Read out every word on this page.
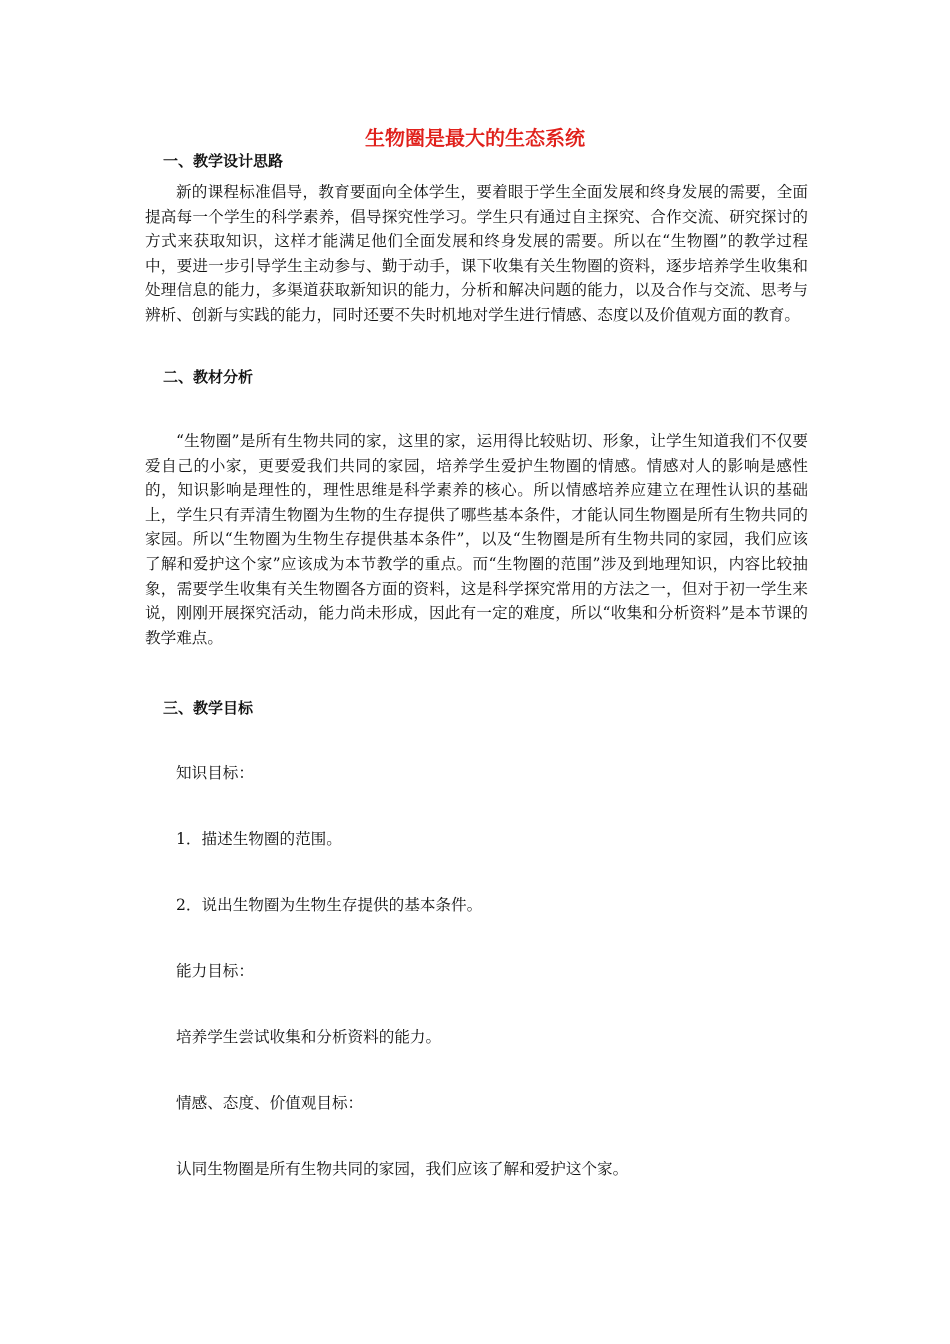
生物圈是最大的生态系统
一、教学设计思路

新的课程标准倡导，教育要面向全体学生，要着眼于学生全面发展和终身发展的需要，全面提高每一个学生的科学素养，倡导探究性学习。学生只有通过自主探究、合作交流、研究探讨的方式来获取知识，这样才能满足他们全面发展和终身发展的需要。所以在“生物圈”的教学过程中，要进一步引导学生主动参与、勤于动手，课下收集有关生物圈的资料，逐步培养学生收集和处理信息的能力，多渠道获取新知识的能力，分析和解决问题的能力，以及合作与交流、思考与辨析、创新与实践的能力，同时还要不失时机地对学生进行情感、态度以及价值观方面的教育。

二、教材分析

“生物圈”是所有生物共同的家，这里的家，运用得比较贴切、形象，让学生知道我们不仅要爱自己的小家，更要爱我们共同的家园，培养学生爱护生物圈的情感。情感对人的影响是感性的，知识影响是理性的，理性思维是科学素养的核心。所以情感培养应建立在理性认识的基础上，学生只有弄清生物圈为生物的生存提供了哪些基本条件，才能认同生物圈是所有生物共同的家园。所以“生物圈为生物生存提供基本条件”，以及“生物圈是所有生物共同的家园，我们应该了解和爱护这个家”应该成为本节教学的重点。而“生物圈的范围”涉及到地理知识，内容比较抽象，需要学生收集有关生物圈各方面的资料，这是科学探究常用的方法之一，但对于初一学生来说，刚刚开展探究活动，能力尚未形成，因此有一定的难度，所以“收集和分析资料”是本节课的教学难点。

三、教学目标

知识目标：

1．描述生物圈的范围。

2．说出生物圈为生物生存提供的基本条件。

能力目标：

培养学生尝试收集和分析资料的能力。

情感、态度、价值观目标：

认同生物圈是所有生物共同的家园，我们应该了解和爱护这个家。
